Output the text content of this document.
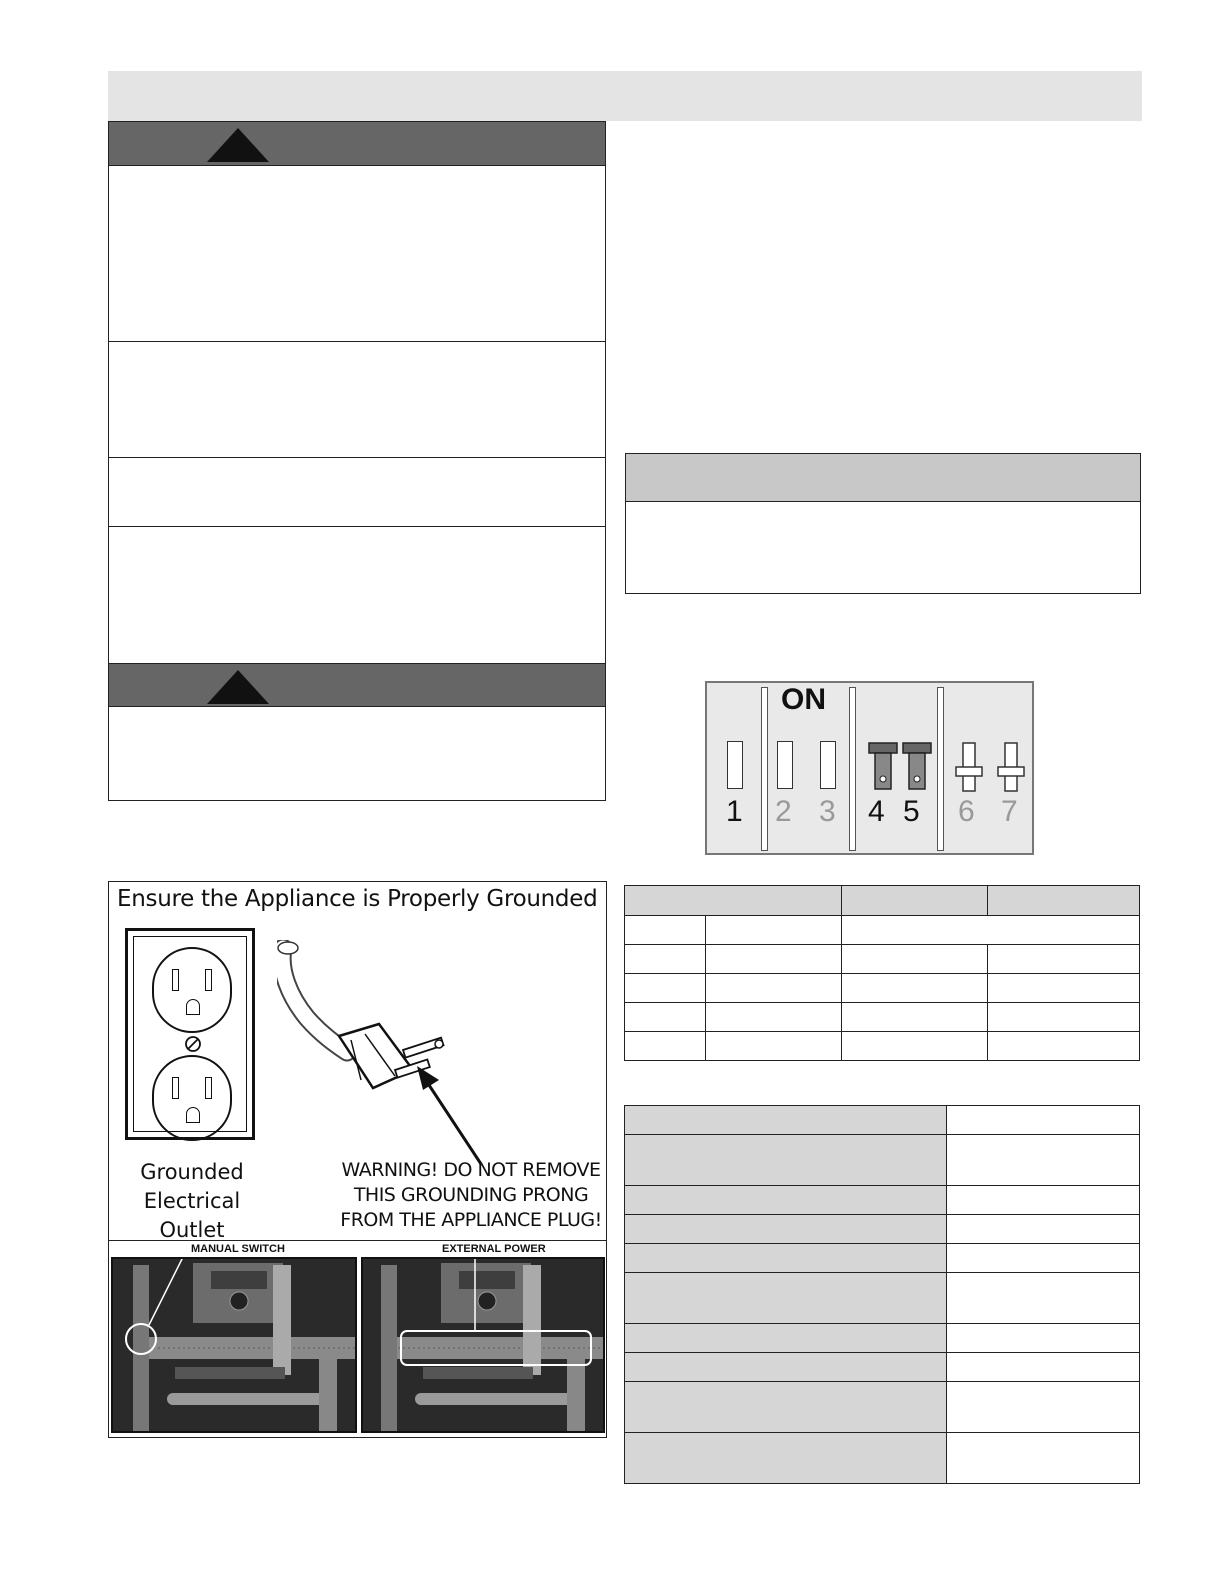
Ensure the Appliance is Properly Grounded
Grounded
Electrical
Outlet
WARNING! DO NOT REMOVE
THIS GROUNDING PRONG
FROM THE APPLIANCE PLUG!
MANUAL SWITCH	EXTERNAL POWER
ON
1 2 3 4 5 6 7
